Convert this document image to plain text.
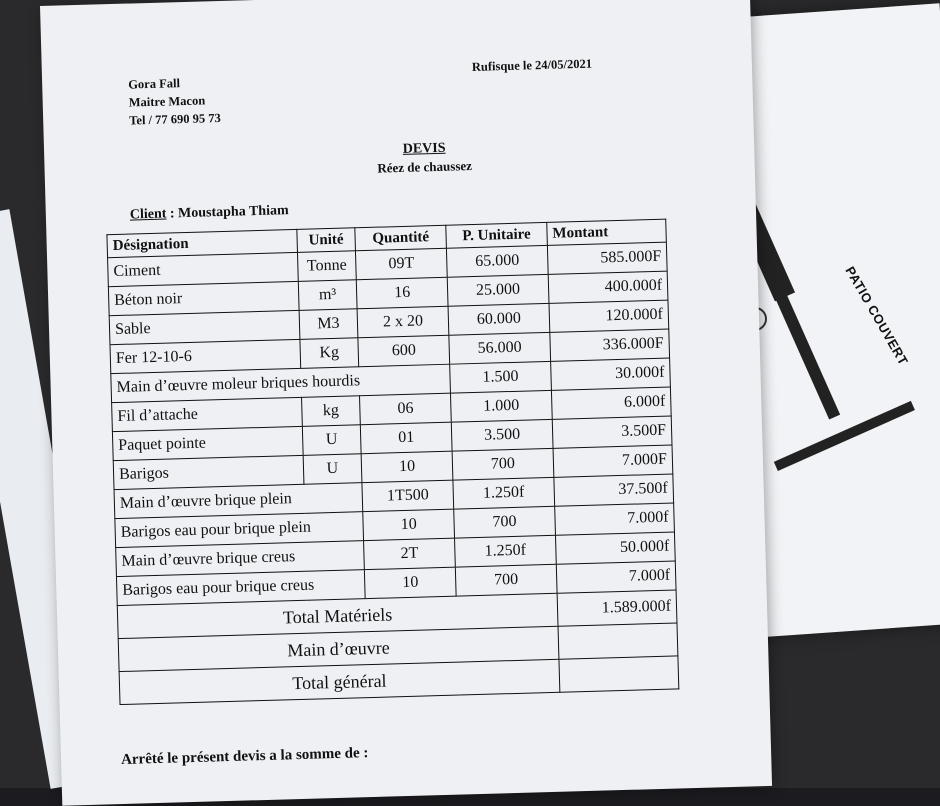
PATIO COUVERT
Gora Fall
Maitre Macon
Tel / 77 690 95 73
Rufisque le 24/05/2021
DEVIS
Réez de chaussez
Client : Moustapha Thiam
Désignation	Unité	Quantité	P. Unitaire	Montant
Ciment	Tonne	09T	65.000	585.000F
Béton noir	m³	16	25.000	400.000f
Sable	M3	2 x 20	60.000	120.000f
Fer 12-10-6	Kg	600	56.000	336.000F
Main d’œuvre moleur briques hourdis			1.500	30.000f
Fil d’attache	kg	06	1.000	6.000f
Paquet pointe	U	01	3.500	3.500F
Barigos	U	10	700	7.000F
Main d’œuvre brique plein		1T500	1.250f	37.500f
Barigos eau pour brique plein		10	700	7.000f
Main d’œuvre brique creus		2T	1.250f	50.000f
Barigos eau pour brique creus		10	700	7.000f
Total Matériels				1.589.000f
Main d’œuvre				
Total général				
Arrêté le présent devis a la somme de :
